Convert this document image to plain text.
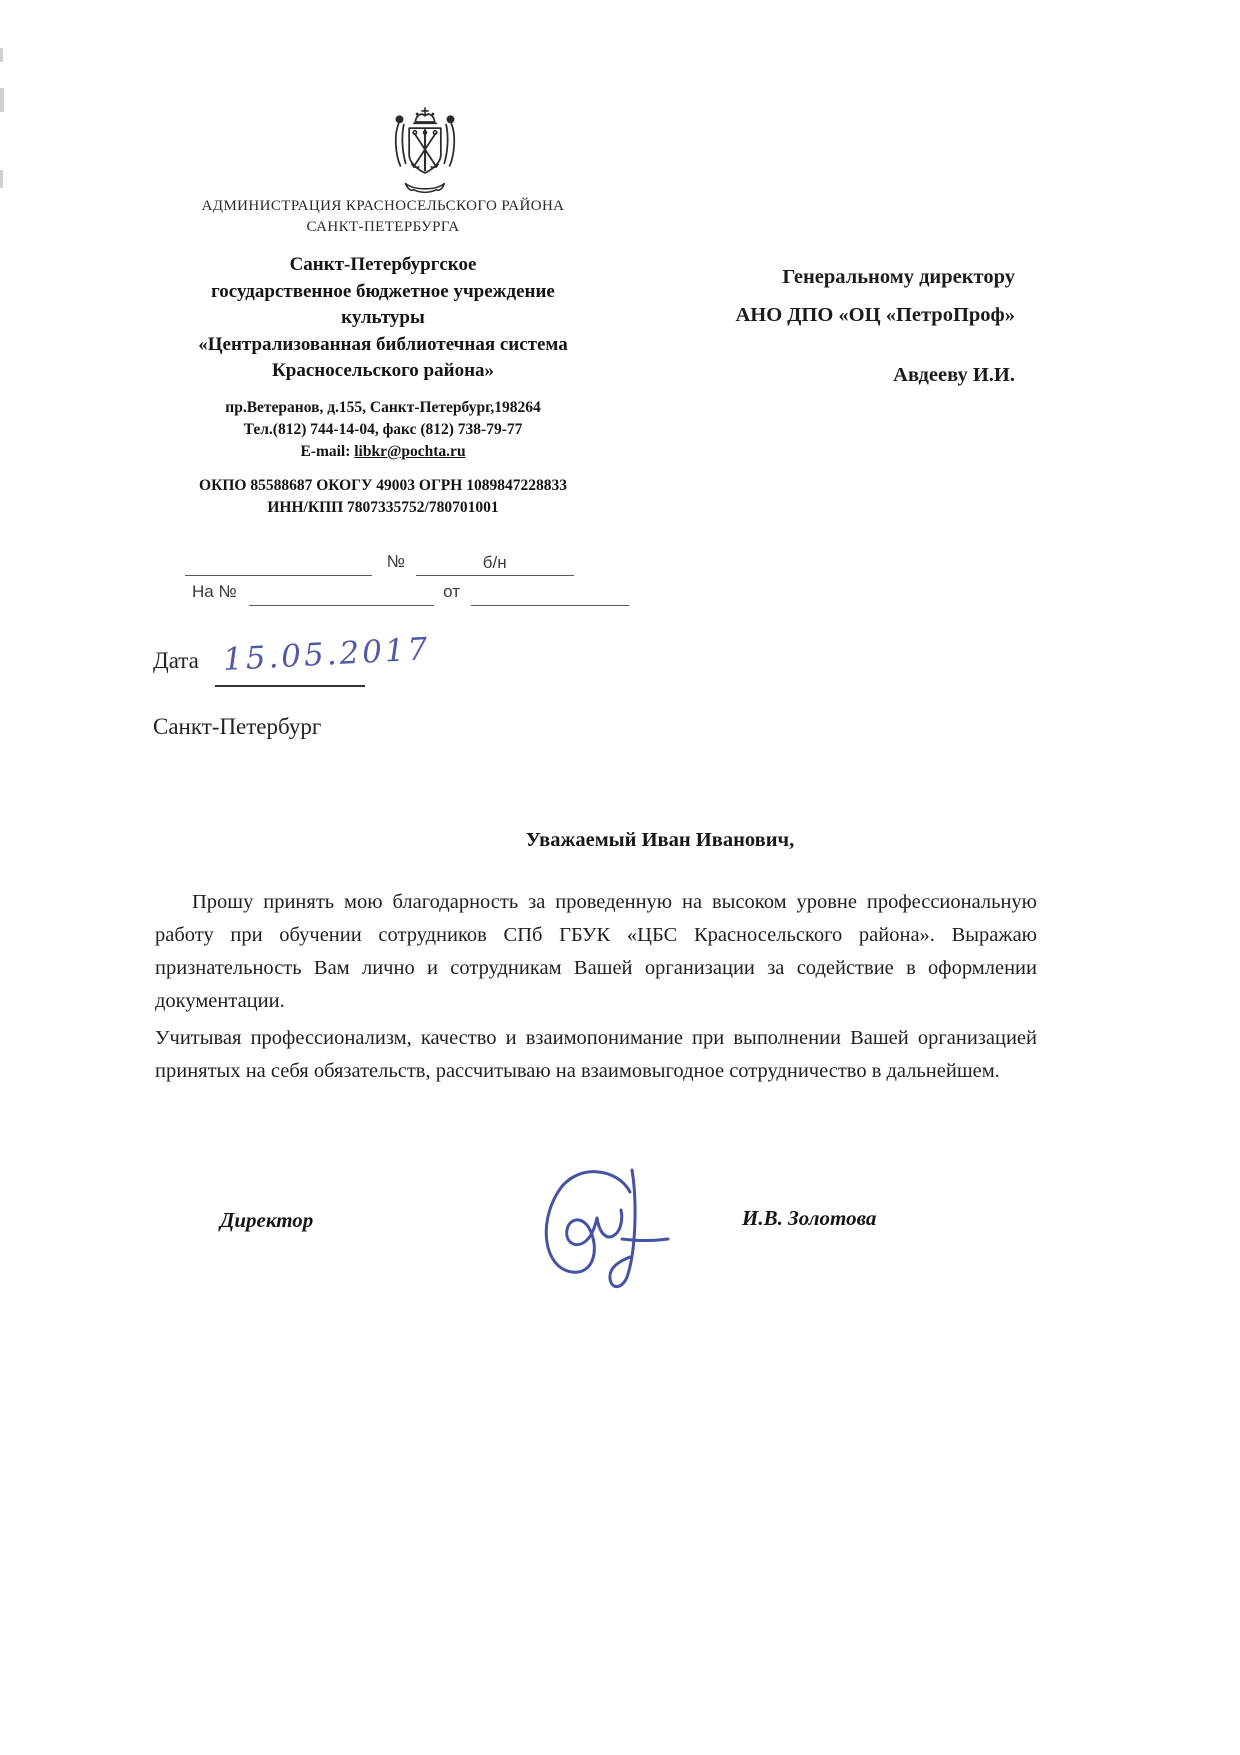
АДМИНИСТРАЦИЯ КРАСНОСЕЛЬСКОГО РАЙОНА
САНКТ-ПЕТЕРБУРГА
Санкт-Петербургское
государственное бюджетное учреждение
культуры
«Централизованная библиотечная система
Красносельского района»
пр.Ветеранов, д.155, Санкт-Петербург,198264
Тел.(812) 744-14-04, факс (812) 738-79-77
E-mail: libkr@pochta.ru
ОКПО 85588687 ОКОГУ 49003 ОГРН 1089847228833
ИНН/КПП 7807335752/780701001
Генеральному директору
АНО ДПО «ОЦ «ПетроПроф»
Авдееву И.И.
№	б/н
На №	от
Дата 15.05.2017
Санкт-Петербург
Уважаемый Иван Иванович,
Прошу принять мою благодарность за проведенную на высоком уровне профессиональную работу при обучении сотрудников СПб ГБУК «ЦБС Красносельского района». Выражаю признательность Вам лично и сотрудникам Вашей организации за содействие в оформлении документации.
Учитывая профессионализм, качество и взаимопонимание при выполнении Вашей организацией принятых на себя обязательств, рассчитываю на взаимовыгодное сотрудничество в дальнейшем.
Директор	И.В. Золотова
